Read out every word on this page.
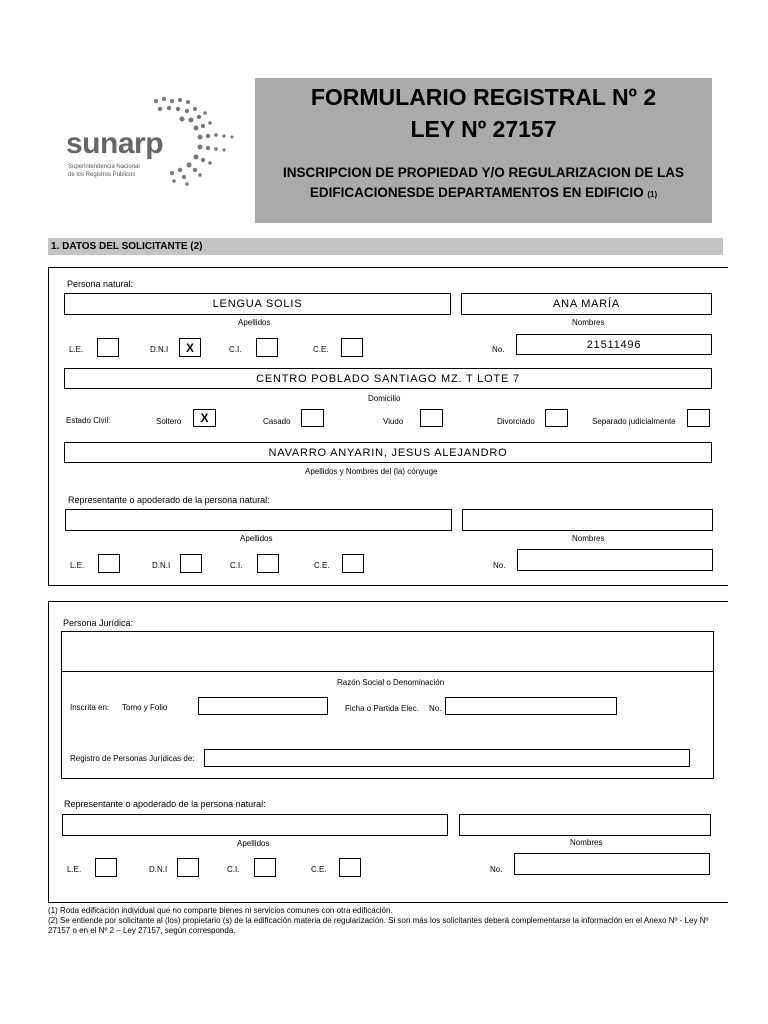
sunarp
Superintendencia Nacional
de los Registros Públicos
FORMULARIO REGISTRAL Nº 2
LEY Nº 27157
INSCRIPCION DE PROPIEDAD Y/O REGULARIZACION DE LAS
EDIFICACIONESDE DEPARTAMENTOS EN EDIFICIO (1)
1. DATOS DEL SOLICITANTE (2)
Persona natural:
LENGUA SOLIS	ANA MARÍA
Apellidos	Nombres
L.E.	D.N.I	X	C.I.	C.E.	No.	21511496
CENTRO POBLADO SANTIAGO MZ. T LOTE 7
Domicilio
Estado Civil:	Soltero	X	Casado	Viudo	Divorciado	Separado judicialmente
NAVARRO ANYARIN, JESUS ALEJANDRO
Apellidos y Nombres del (la) cónyuge
Representante o apoderado de la persona natural:
Apellidos	Nombres
L.E.	D.N.I	C.I.	C.E.	No.
Persona Jurídica:
Razón Social o Denominación
Inscrita en: Tomo y Folio	Ficha o Partida Elec. No.
Registro de Personas Jurídicas de:
Representante o apoderado de la persona natural:
Apellidos	Nombres
L.E.	D.N.I	C.I.	C.E.	No.
(1) Roda edificación individual que no comparte bienes ni servicios comunes con otra edificación.
(2) Se entiende por solicitante al (los) propietario (s) de la edificación materia de regularización. Si son más los solicitantes deberá complementarse la información en el Anexo Nº - Ley Nº 27157 o en el Nº 2 – Ley 27157, según corresponda.
